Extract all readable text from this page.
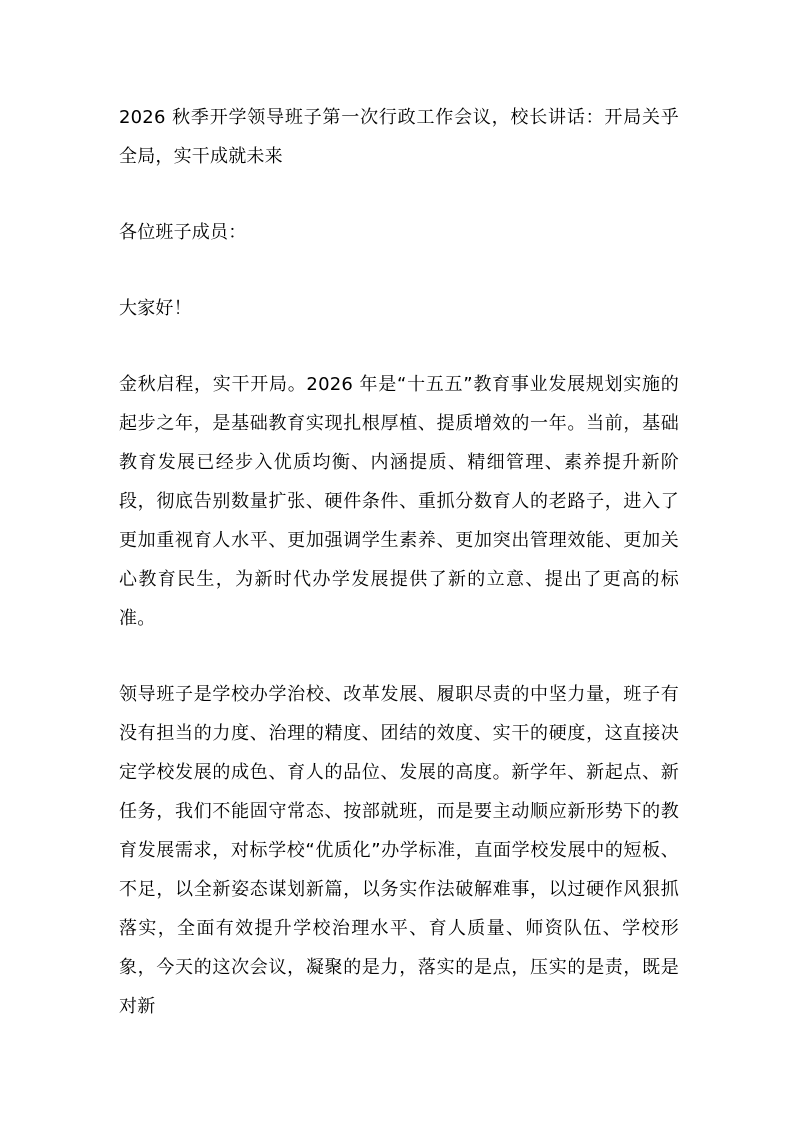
2026 秋季开学领导班子第一次行政工作会议，校长讲话：开局关乎全局，实干成就未来

各位班子成员：

大家好！

金秋启程，实干开局。2026 年是“十五五”教育事业发展规划实施的起步之年，是基础教育实现扎根厚植、提质增效的一年。当前，基础教育发展已经步入优质均衡、内涵提质、精细管理、素养提升新阶段，彻底告别数量扩张、硬件条件、重抓分数育人的老路子，进入了更加重视育人水平、更加强调学生素养、更加突出管理效能、更加关心教育民生，为新时代办学发展提供了新的立意、提出了更高的标准。

领导班子是学校办学治校、改革发展、履职尽责的中坚力量，班子有没有担当的力度、治理的精度、团结的效度、实干的硬度，这直接决定学校发展的成色、育人的品位、发展的高度。新学年、新起点、新任务，我们不能固守常态、按部就班，而是要主动顺应新形势下的教育发展需求，对标学校“优质化”办学标准，直面学校发展中的短板、不足，以全新姿态谋划新篇，以务实作法破解难事，以过硬作风狠抓落实，全面有效提升学校治理水平、育人质量、师资队伍、学校形象，今天的这次会议，凝聚的是力，落实的是点，压实的是责，既是对新
